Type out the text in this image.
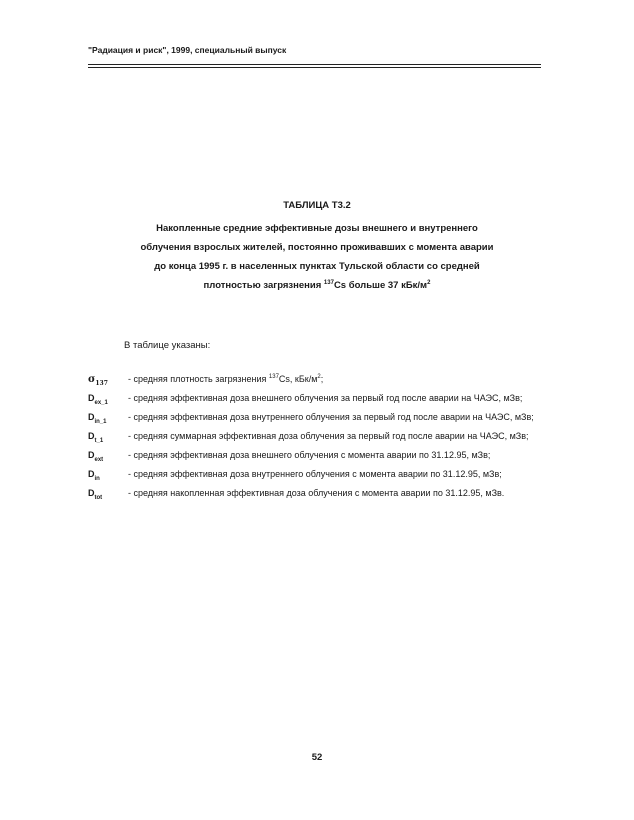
"Радиация и риск", 1999, специальный выпуск
ТАБЛИЦА Т3.2
Накопленные средние эффективные дозы внешнего и внутреннего
облучения взрослых жителей, постоянно проживавших с момента аварии
до конца 1995 г. в населенных пунктах Тульской области со средней
плотностью загрязнения $^{137}$Cs больше 37 кБк/$м^2$
В таблице указаны:
$\sigma_{137}$	- средняя плотность загрязнения $^{137}$Cs, кБк/$м^2$;
$D_{ex\_1}$	- средняя эффективная доза внешнего облучения за первый год после аварии на ЧАЭС, мЗв;
$D_{in\_1}$	- средняя эффективная доза внутреннего облучения за первый год после аварии на ЧАЭС, мЗв;
$D_{t\_1}$	- средняя суммарная эффективная доза облучения за первый год после аварии на ЧАЭС, мЗв;
$D_{ext}$	- средняя эффективная доза внешнего облучения с момента аварии по 31.12.95, мЗв;
$D_{in}$	- средняя эффективная доза внутреннего облучения с момента аварии по 31.12.95, мЗв;
$D_{tot}$	- средняя накопленная эффективная доза облучения с момента аварии по 31.12.95, мЗв.
52
